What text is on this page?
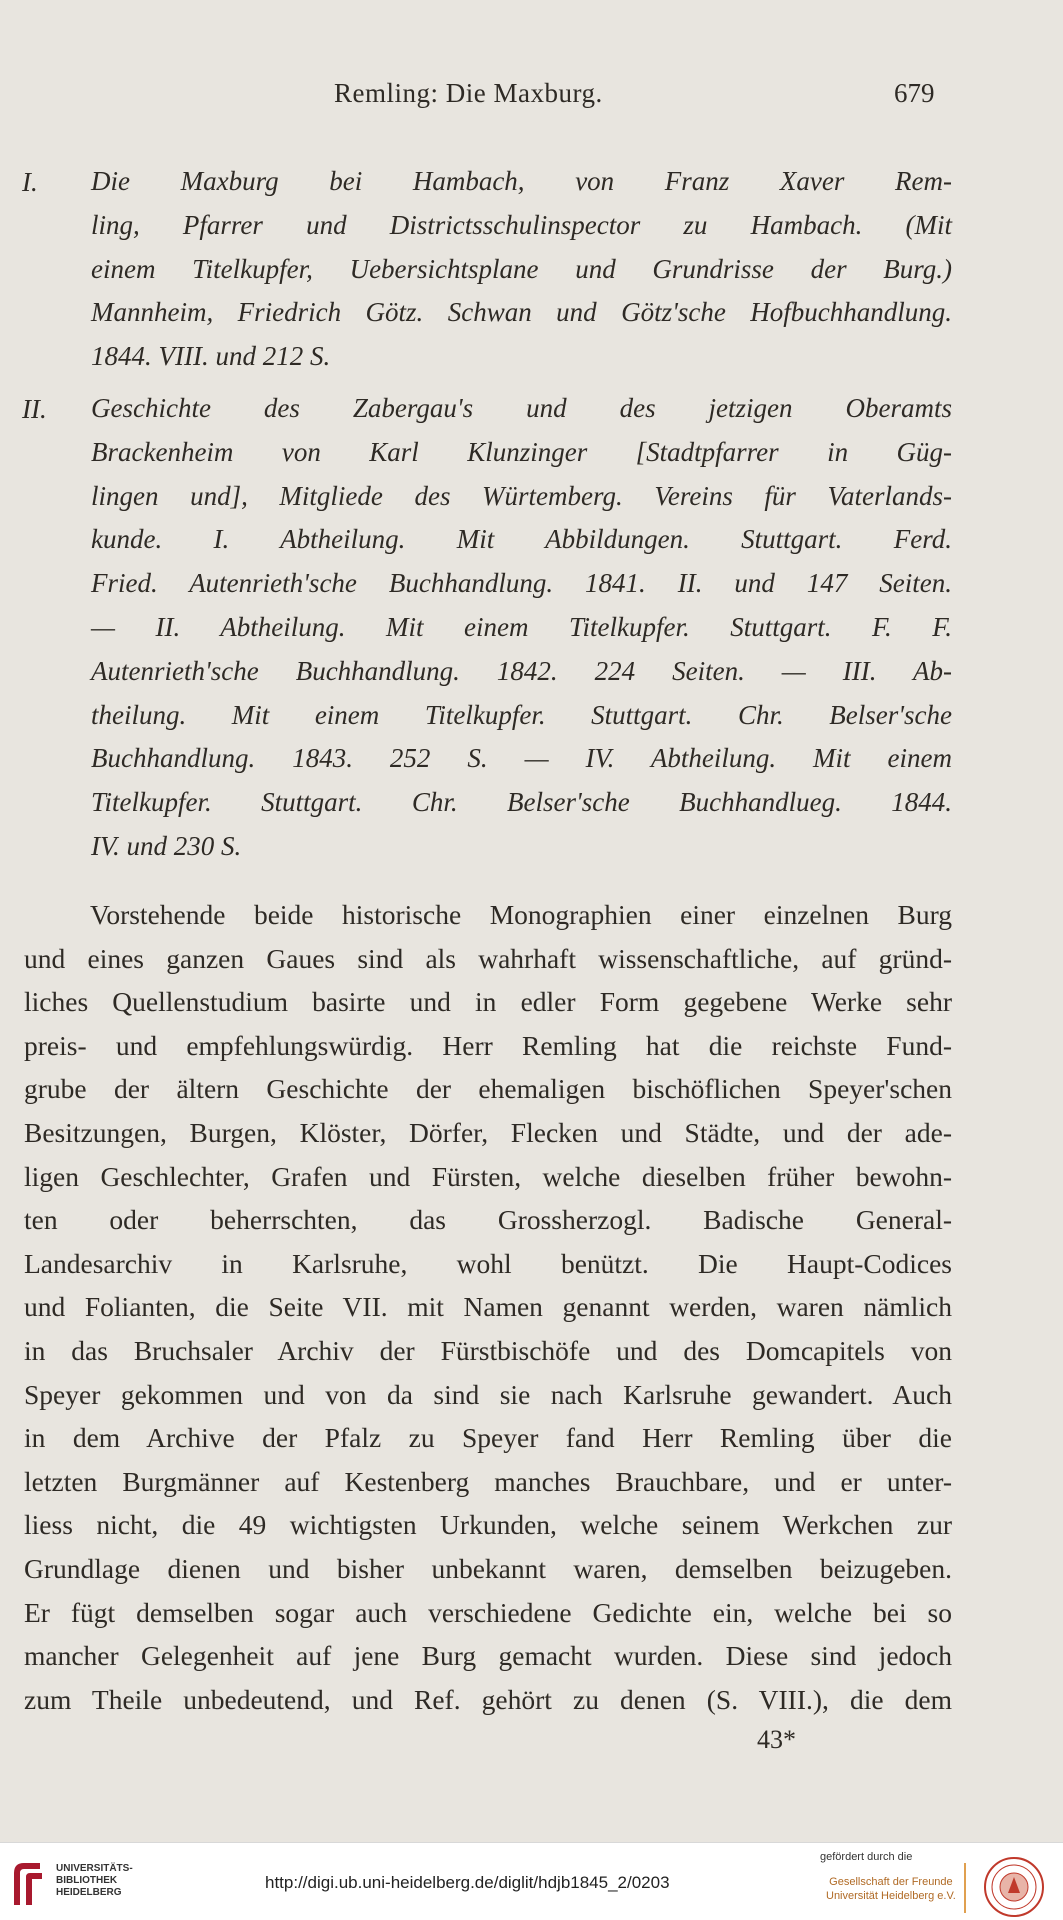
Remling: Die Maxburg.	679
I. Die Maxburg bei Hambach, von Franz Xaver Rem-
ling, Pfarrer und Districtsschulinspector zu Hambach. (Mit
einem Titelkupfer, Uebersichtsplane und Grundrisse der Burg.)
Mannheim, Friedrich Götz. Schwan und Götz'sche Hofbuchhandlung.
1844. VIII. und 212 S.
II. Geschichte des Zabergau's und des jetzigen Oberamts
Brackenheim von Karl Klunzinger [Stadtpfarrer in Güg-
lingen und], Mitgliede des Würtemberg. Vereins für Vaterlands-
kunde. I. Abtheilung. Mit Abbildungen. Stuttgart. Ferd.
Fried. Autenrieth'sche Buchhandlung. 1841. II. und 147 Seiten.
— II. Abtheilung. Mit einem Titelkupfer. Stuttgart. F. F.
Autenrieth'sche Buchhandlung. 1842. 224 Seiten. — III. Ab-
theilung. Mit einem Titelkupfer. Stuttgart. Chr. Belser'sche
Buchhandlung. 1843. 252 S. — IV. Abtheilung. Mit einem
Titelkupfer. Stuttgart. Chr. Belser'sche Buchhandlueg. 1844.
IV. und 230 S.
Vorstehende beide historische Monographien einer einzelnen Burg
und eines ganzen Gaues sind als wahrhaft wissenschaftliche, auf gründ-
liches Quellenstudium basirte und in edler Form gegebene Werke sehr
preis- und empfehlungswürdig. Herr Remling hat die reichste Fund-
grube der ältern Geschichte der ehemaligen bischöflichen Speyer'schen
Besitzungen, Burgen, Klöster, Dörfer, Flecken und Städte, und der ade-
ligen Geschlechter, Grafen und Fürsten, welche dieselben früher bewohn-
ten oder beherrschten, das Grossherzogl. Badische General-
Landesarchiv in Karlsruhe, wohl benützt. Die Haupt-Codices
und Folianten, die Seite VII. mit Namen genannt werden, waren nämlich
in das Bruchsaler Archiv der Fürstbischöfe und des Domcapitels von
Speyer gekommen und von da sind sie nach Karlsruhe gewandert. Auch
in dem Archive der Pfalz zu Speyer fand Herr Remling über die
letzten Burgmänner auf Kestenberg manches Brauchbare, und er unter-
liess nicht, die 49 wichtigsten Urkunden, welche seinem Werkchen zur
Grundlage dienen und bisher unbekannt waren, demselben beizugeben.
Er fügt demselben sogar auch verschiedene Gedichte ein, welche bei so
mancher Gelegenheit auf jene Burg gemacht wurden. Diese sind jedoch
zum Theile unbedeutend, und Ref. gehört zu denen (S. VIII.), die dem
43*
UNIVERSITÄTS-
BIBLIOTHEK
HEIDELBERG
http://digi.ub.uni-heidelberg.de/diglit/hdjb1845_2/0203
gefördert durch die
Gesellschaft der Freunde
Universität Heidelberg e.V.
